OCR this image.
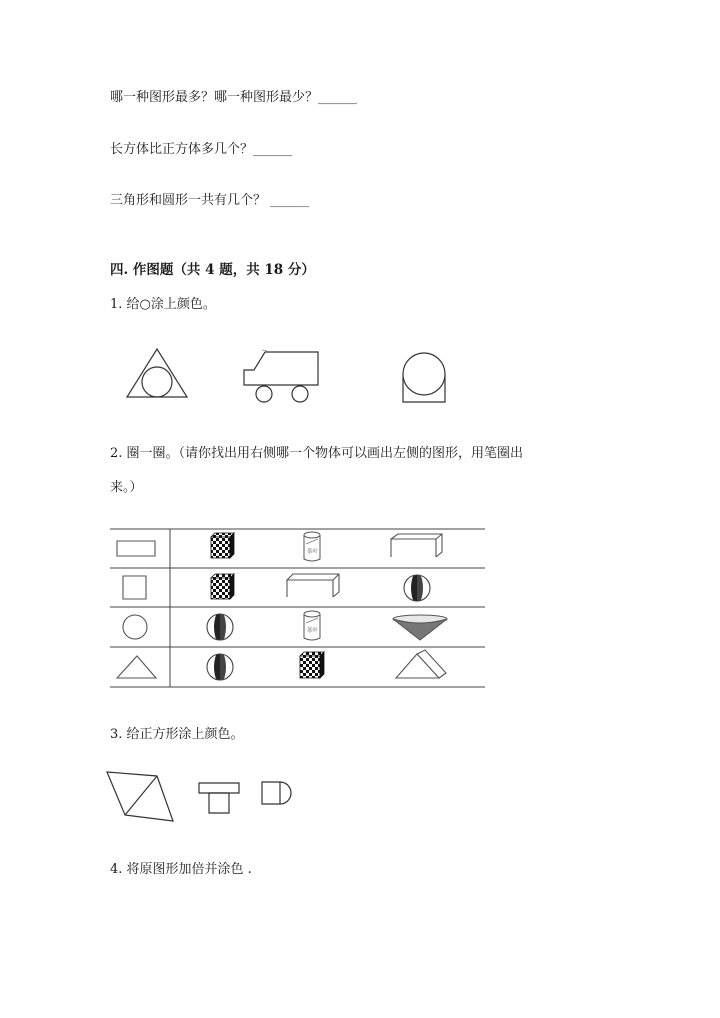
哪一种图形最多？哪一种图形最少？______
长方体比正方体多几个？______
三角形和圆形一共有几个？ ______
四. 作图题（共 4 题，共 18 分）
1. 给○涂上颜色。
2. 圈一圈。（请你找出用右侧哪一个物体可以画出左侧的图形，用笔圈出
来。）
茶叶
茶叶
3. 给正方形涂上颜色。
4. 将原图形加倍并涂色 .
